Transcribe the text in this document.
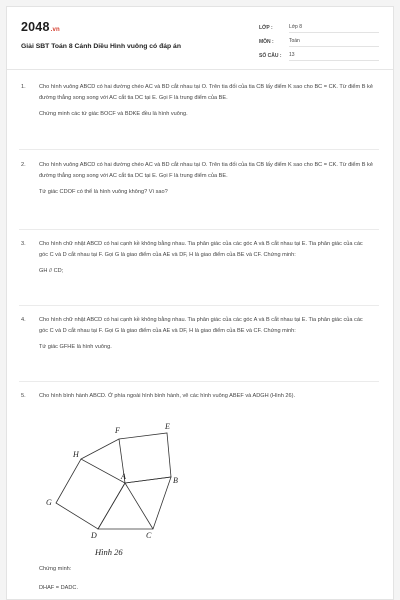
2048.vn
Giải SBT Toán 8 Cánh Diều Hình vuông có đáp án
LỚP :	Lớp 8
MÔN :	Toán
SỐ CÂU :	13
1.	Cho hình vuông ABCD có hai đường chéo AC và BD cắt nhau tại O. Trên tia đối của tia CB lấy điểm K sao cho BC = CK. Từ điểm B kẻ đường thẳng song song với AC cắt tia DC tại E. Gọi F là trung điểm của BE.
Chứng minh các tứ giác BOCF và BDKE đều là hình vuông.
2.	Cho hình vuông ABCD có hai đường chéo AC và BD cắt nhau tại O. Trên tia đối của tia CB lấy điểm K sao cho BC = CK. Từ điểm B kẻ đường thẳng song song với AC cắt tia DC tại E. Gọi F là trung điểm của BE.
Tứ giác CDOF có thể là hình vuông không? Vì sao?
3.	Cho hình chữ nhật ABCD có hai cạnh kề không bằng nhau. Tia phân giác của các góc A và B cắt nhau tại E. Tia phân giác của các góc C và D cắt nhau tại F. Gọi G là giao điểm của AE và DF, H là giao điểm của BE và CF. Chứng minh:
GH // CD;
4.	Cho hình chữ nhật ABCD có hai cạnh kề không bằng nhau. Tia phân giác của các góc A và B cắt nhau tại E. Tia phân giác của các góc C và D cắt nhau tại F. Gọi G là giao điểm của AE và DF, H là giao điểm của BE và CF. Chứng minh:
Tứ giác GFHE là hình vuông.
5.	Cho hình bình hành ABCD. Ở phía ngoài hình bình hành, vẽ các hình vuông ABEF và ADGH (Hình 26).
F	E
H
A	B
G
D	C
Hình 26
Chứng minh:
DHAF = DADC.
